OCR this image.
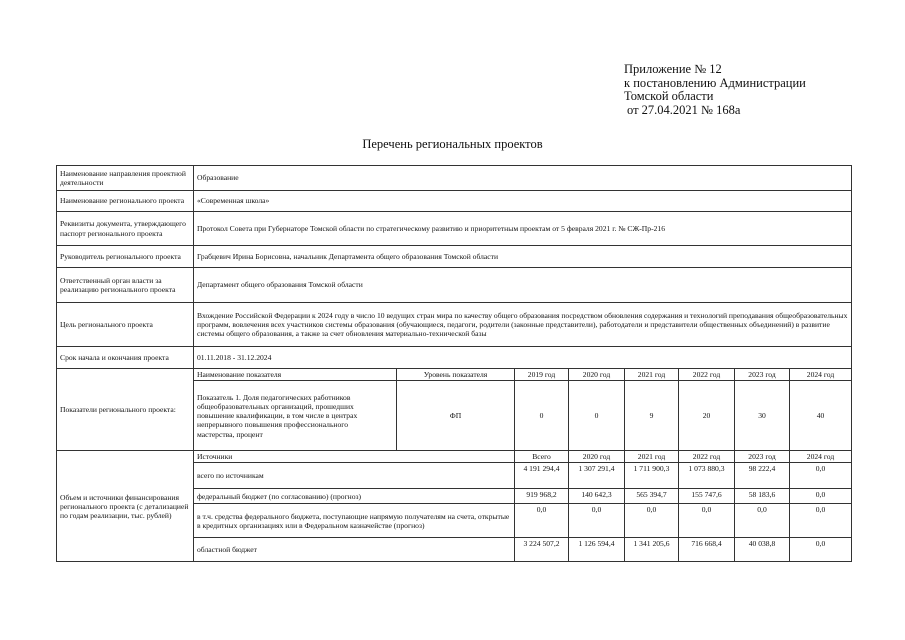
Приложение № 12
к постановлению Администрации
Томской области
от 27.04.2021 № 168а
Перечень региональных проектов
Наименование направления проектной деятельности	Образование							
Наименование регионального проекта	«Современная школа»							
Реквизиты документа, утверждающего паспорт регионального проекта	Протокол Совета при Губернаторе Томской области по стратегическому развитию и приоритетным проектам от 5 февраля 2021 г. № СЖ-Пр-216							
Руководитель регионального проекта	Грабцевич Ирина Борисовна, начальник Департамента общего образования Томской области							
Ответственный орган власти за реализацию регионального проекта	Департамент общего образования Томской области							
Цель регионального проекта	Вхождение Российской Федерации к 2024 году в число 10 ведущих стран мира по качеству общего образования посредством обновления содержания и технологий преподавания общеобразовательных программ, вовлечения всех участников системы образования (обучающиеся, педагоги, родители (законные представители), работодатели и представители общественных объединений) в развитие системы общего образования, а также за счет обновления материально-технической базы							
Срок начала и окончания проекта	01.11.2018 - 31.12.2024							
Показатели регионального проекта:	Наименование показателя	Уровень показателя	2019 год	2020 год	2021 год	2022 год	2023 год	2024 год

	Показатель 1. Доля педагогических работников общеобразовательных организаций, прошедших повышение квалификации, в том числе в центрах непрерывного повышения профессионального мастерства, процент	ФП	0	0	9	20	30	40
Объем и источники финансирования регионального проекта (с детализацией по годам реализации, тыс. рублей)	Источники		Всего	2020 год	2021 год	2022 год	2023 год	2024 год
	всего по источникам		4 191 294,4	1 307 291,4	1 711 900,3	1 073 880,3	98 222,4	0,0
	федеральный бюджет (по согласованию) (прогноз)		919 968,2	140 642,3	565 394,7	155 747,6	58 183,6	0,0
	в т.ч. средства федерального бюджета, поступающие напрямую получателям на счета, открытые в кредитных организациях или в Федеральном казначействе (прогноз)		0,0	0,0	0,0	0,0	0,0	0,0
	областной бюджет		3 224 507,2	1 126 594,4	1 341 205,6	716 668,4	40 038,8	0,0
